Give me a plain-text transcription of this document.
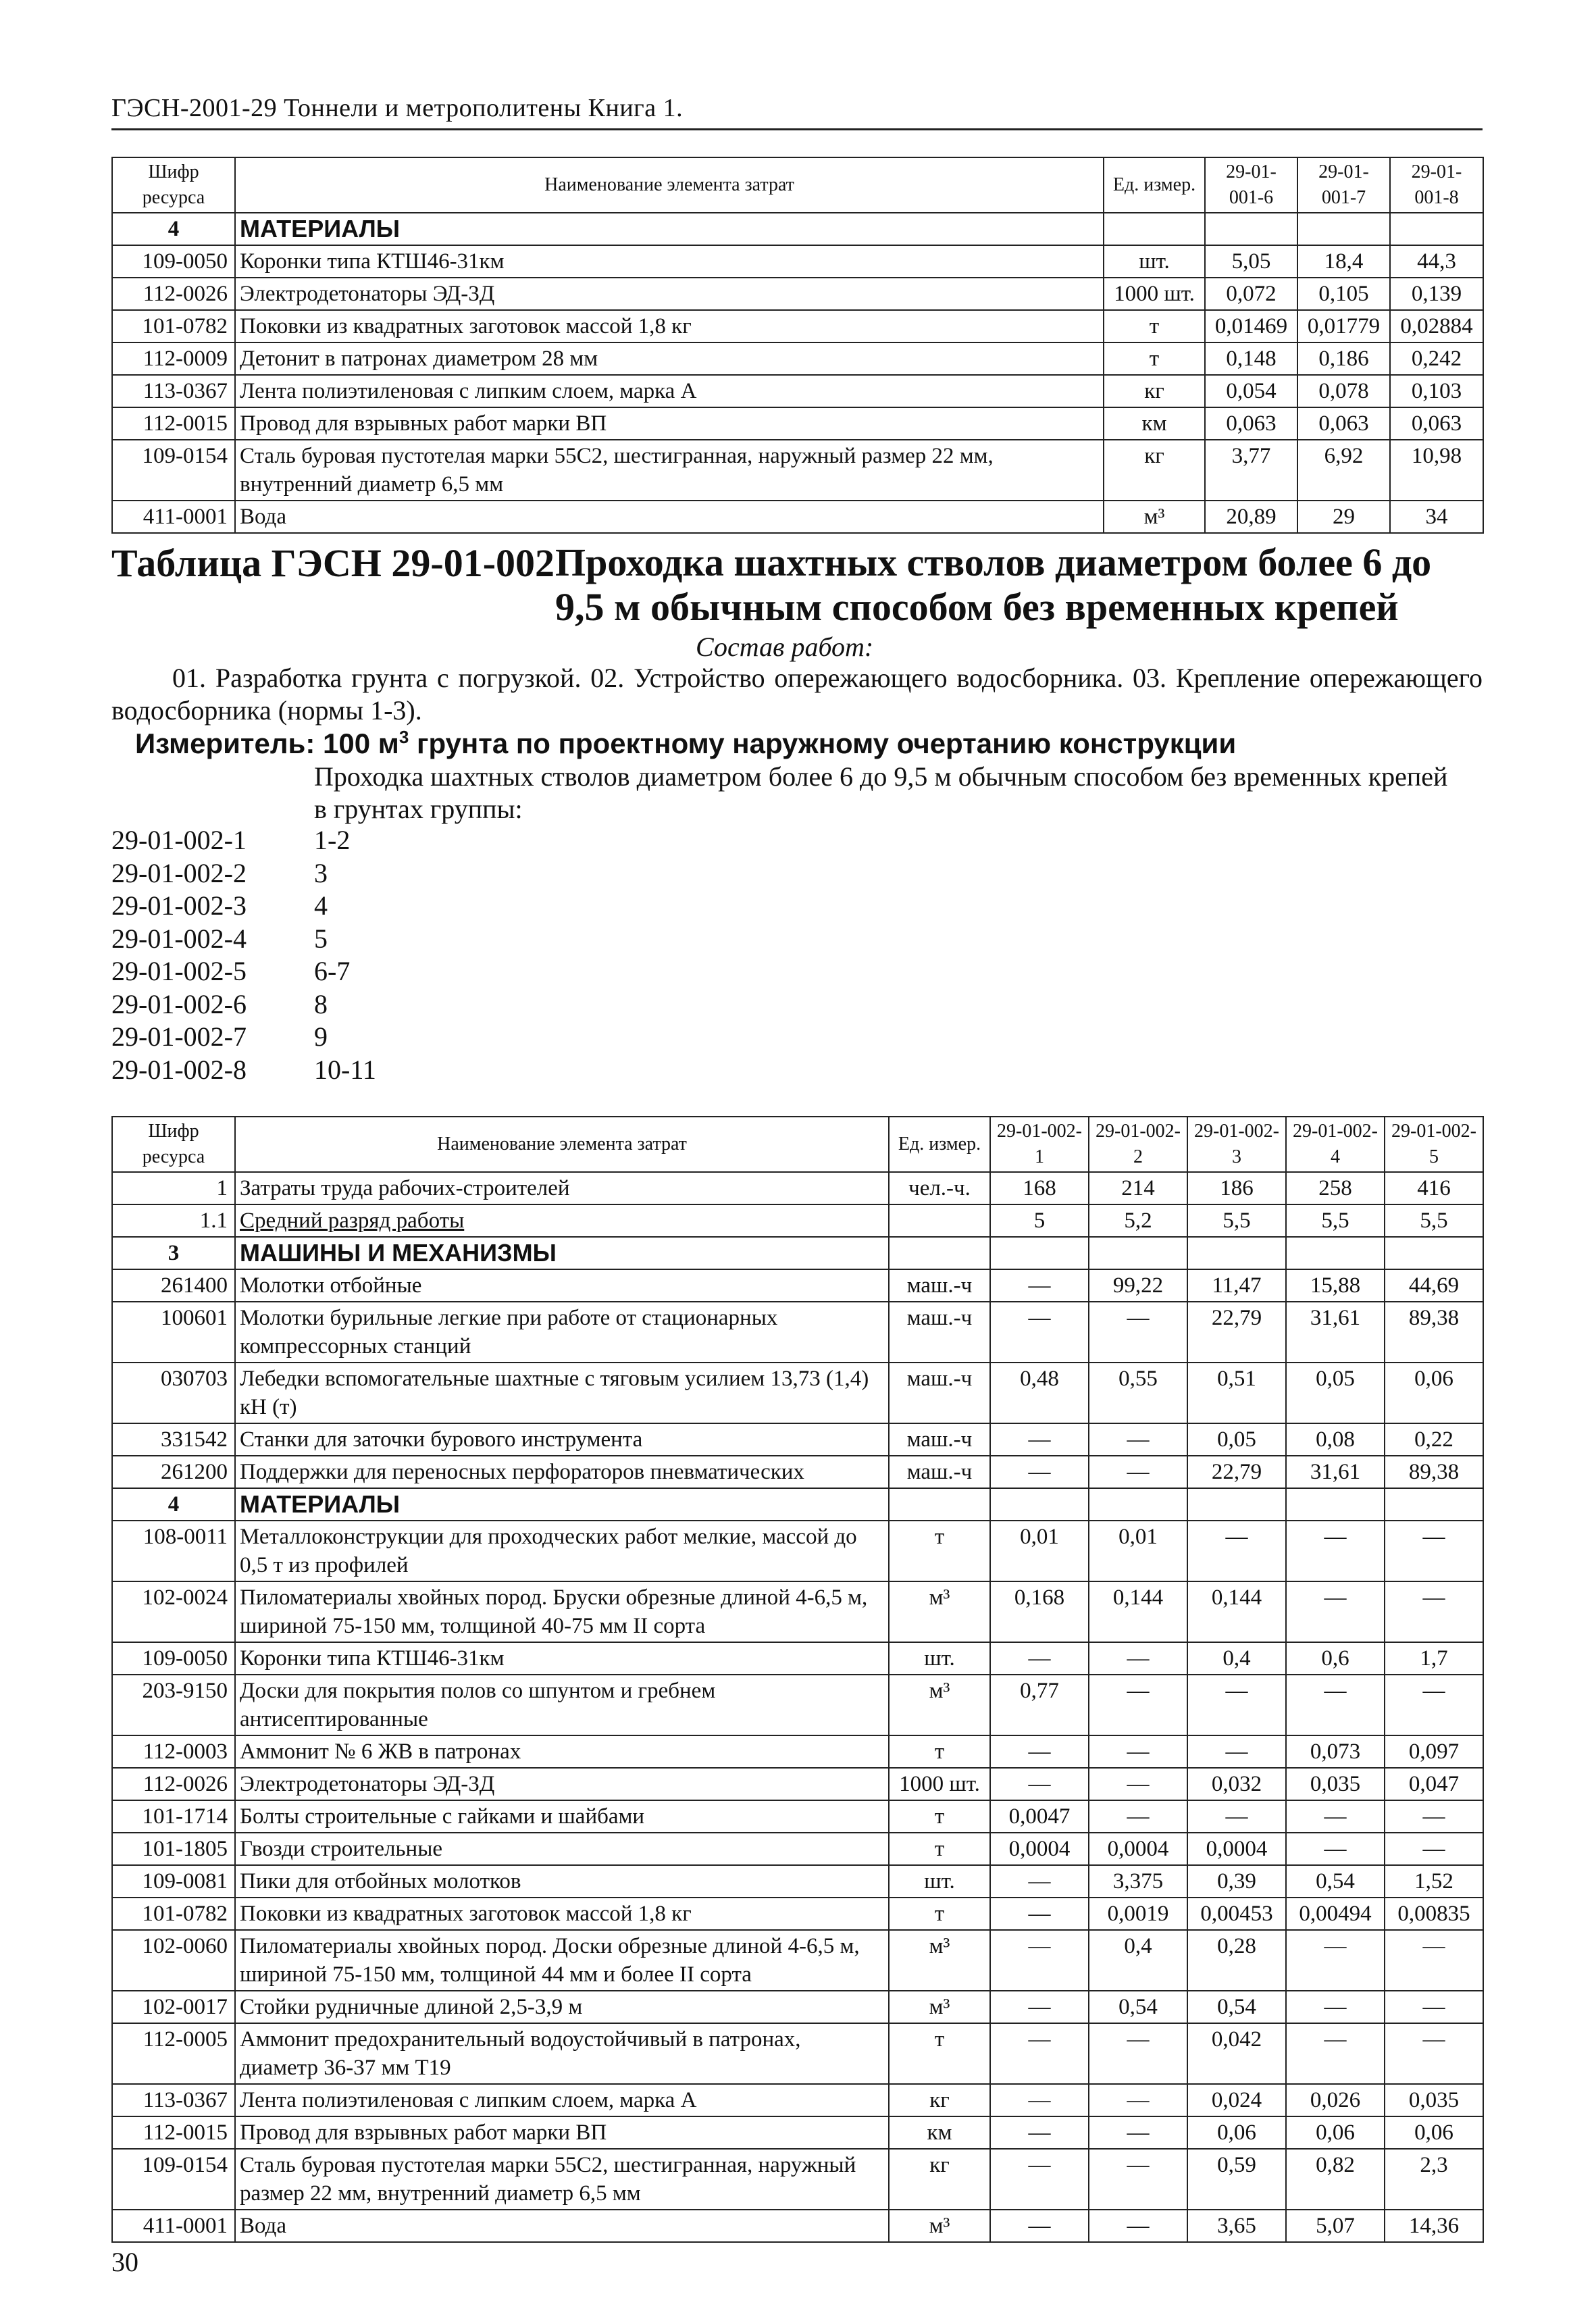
ГЭСН-2001-29 Тоннели и метрополитены Книга 1.
Шифр ресурса	Наименование элемента затрат	Ед. измер.	29-01-001-6	29-01-001-7	29-01-001-8
4	МАТЕРИАЛЫ				
109-0050	Коронки типа КТШ46-31км	шт.	5,05	18,4	44,3
112-0026	Электродетонаторы ЭД-3Д	1000 шт.	0,072	0,105	0,139
101-0782	Поковки из квадратных заготовок массой 1,8 кг	т	0,01469	0,01779	0,02884
112-0009	Детонит в патронах диаметром 28 мм	т	0,148	0,186	0,242
113-0367	Лента полиэтиленовая с липким слоем, марка А	кг	0,054	0,078	0,103
112-0015	Провод для взрывных работ марки ВП	км	0,063	0,063	0,063
109-0154	Сталь буровая пустотелая марки 55С2, шестигранная, наружный размер 22 мм, внутренний диаметр 6,5 мм	кг	3,77	6,92	10,98
411-0001	Вода	м³	20,89	29	34
Таблица ГЭСН 29-01-002 Проходка шахтных стволов диаметром более 6 до 9,5 м обычным способом без временных крепей
Состав работ:
01. Разработка грунта с погрузкой. 02. Устройство опережающего водосборника. 03. Крепление опережающего водосборника (нормы 1-3).
Измеритель: 100 $м^3$ грунта по проектному наружному очертанию конструкции
Проходка шахтных стволов диаметром более 6 до 9,5 м обычным способом без временных крепей в грунтах группы:
29-01-002-1	1-2
29-01-002-2	3
29-01-002-3	4
29-01-002-4	5
29-01-002-5	6-7
29-01-002-6	8
29-01-002-7	9
29-01-002-8	10-11
Шифр ресурса	Наименование элемента затрат	Ед. измер.	29-01-002-1	29-01-002-2	29-01-002-3	29-01-002-4	29-01-002-5
1	Затраты труда рабочих-строителей	чел.-ч.	168	214	186	258	416
1.1	Средний разряд работы		5	5,2	5,5	5,5	5,5
3	МАШИНЫ И МЕХАНИЗМЫ						
261400	Молотки отбойные	маш.-ч	—	99,22	11,47	15,88	44,69
100601	Молотки бурильные легкие при работе от стационарных компрессорных станций	маш.-ч	—	—	22,79	31,61	89,38
030703	Лебедки вспомогательные шахтные с тяговым усилием 13,73 (1,4) кН (т)	маш.-ч	0,48	0,55	0,51	0,05	0,06
331542	Станки для заточки бурового инструмента	маш.-ч	—	—	0,05	0,08	0,22
261200	Поддержки для переносных перфораторов пневматических	маш.-ч	—	—	22,79	31,61	89,38
4	МАТЕРИАЛЫ						
108-0011	Металлоконструкции для проходческих работ мелкие, массой до 0,5 т из профилей	т	0,01	0,01	—	—	—
102-0024	Пиломатериалы хвойных пород. Бруски обрезные длиной 4-6,5 м, шириной 75-150 мм, толщиной 40-75 мм II сорта	м³	0,168	0,144	0,144	—	—
109-0050	Коронки типа КТШ46-31км	шт.	—	—	0,4	0,6	1,7
203-9150	Доски для покрытия полов со шпунтом и гребнем антисептированные	м³	0,77	—	—	—	—
112-0003	Аммонит № 6 ЖВ в патронах	т	—	—	—	0,073	0,097
112-0026	Электродетонаторы ЭД-3Д	1000 шт.	—	—	0,032	0,035	0,047
101-1714	Болты строительные с гайками и шайбами	т	0,0047	—	—	—	—
101-1805	Гвозди строительные	т	0,0004	0,0004	0,0004	—	—
109-0081	Пики для отбойных молотков	шт.	—	3,375	0,39	0,54	1,52
101-0782	Поковки из квадратных заготовок массой 1,8 кг	т	—	0,0019	0,00453	0,00494	0,00835
102-0060	Пиломатериалы хвойных пород. Доски обрезные длиной 4-6,5 м, шириной 75-150 мм, толщиной 44 мм и более II сорта	м³	—	0,4	0,28	—	—
102-0017	Стойки рудничные длиной 2,5-3,9 м	м³	—	0,54	0,54	—	—
112-0005	Аммонит предохранительный водоустойчивый в патронах, диаметр 36-37 мм Т19	т	—	—	0,042	—	—
113-0367	Лента полиэтиленовая с липким слоем, марка А	кг	—	—	0,024	0,026	0,035
112-0015	Провод для взрывных работ марки ВП	км	—	—	0,06	0,06	0,06
109-0154	Сталь буровая пустотелая марки 55С2, шестигранная, наружный размер 22 мм, внутренний диаметр 6,5 мм	кг	—	—	0,59	0,82	2,3
411-0001	Вода	м³	—	—	3,65	5,07	14,36
30
